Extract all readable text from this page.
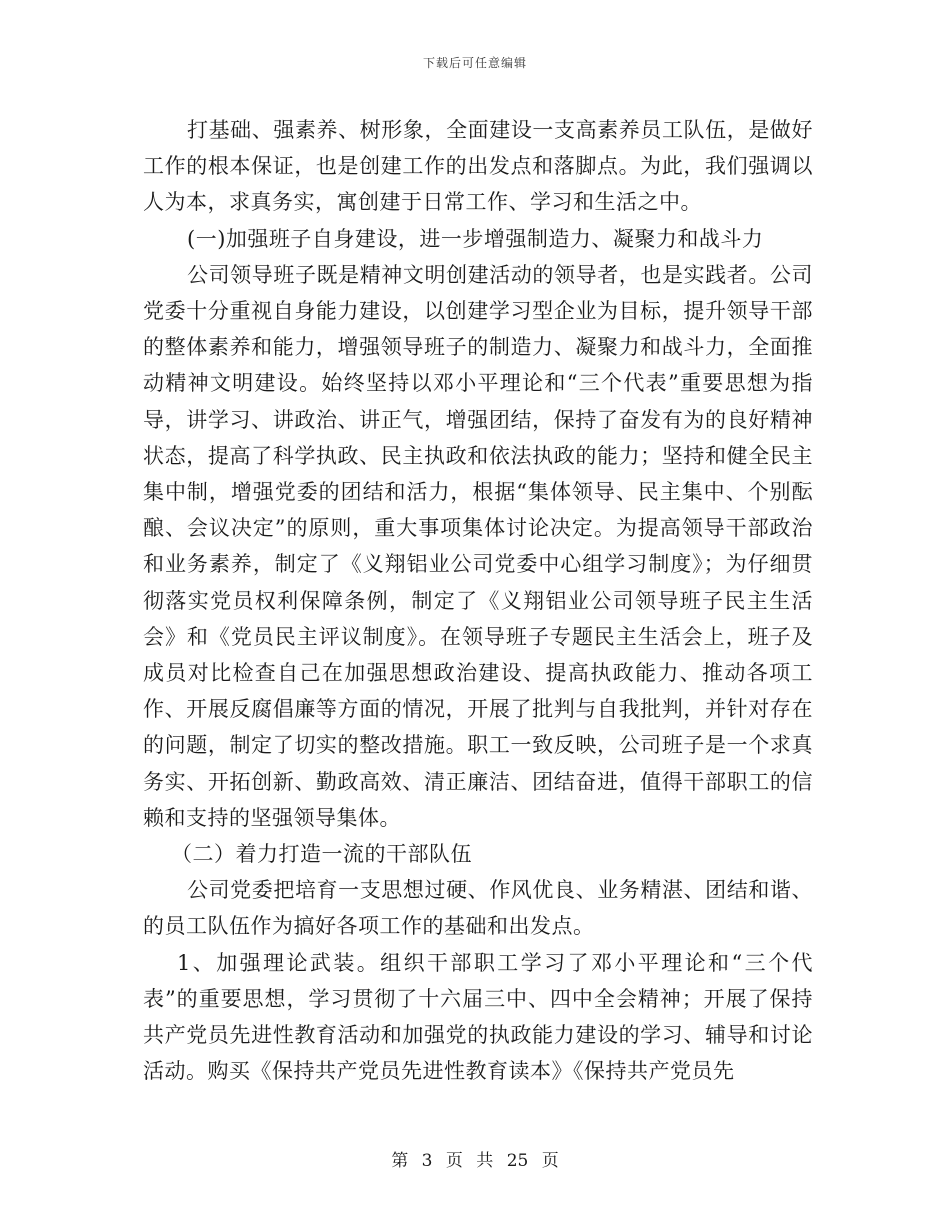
下载后可任意编辑

打基础、强素养、树形象，全面建设一支高素养员工队伍，是做好工作的根本保证，也是创建工作的出发点和落脚点。为此，我们强调以人为本，求真务实，寓创建于日常工作、学习和生活之中。

(一)加强班子自身建设，进一步增强制造力、凝聚力和战斗力

公司领导班子既是精神文明创建活动的领导者，也是实践者。公司党委十分重视自身能力建设，以创建学习型企业为目标，提升领导干部的整体素养和能力，增强领导班子的制造力、凝聚力和战斗力，全面推动精神文明建设。始终坚持以邓小平理论和“三个代表”重要思想为指导，讲学习、讲政治、讲正气，增强团结，保持了奋发有为的良好精神状态，提高了科学执政、民主执政和依法执政的能力；坚持和健全民主集中制，增强党委的团结和活力，根据“集体领导、民主集中、个别酝酿、会议决定”的原则，重大事项集体讨论决定。为提高领导干部政治和业务素养，制定了《义翔铝业公司党委中心组学习制度》；为仔细贯彻落实党员权利保障条例，制定了《义翔铝业公司领导班子民主生活会》和《党员民主评议制度》。在领导班子专题民主生活会上，班子及成员对比检查自己在加强思想政治建设、提高执政能力、推动各项工作、开展反腐倡廉等方面的情况，开展了批判与自我批判，并针对存在的问题，制定了切实的整改措施。职工一致反映，公司班子是一个求真务实、开拓创新、勤政高效、清正廉洁、团结奋进，值得干部职工的信赖和支持的坚强领导集体。

（二）着力打造一流的干部队伍

公司党委把培育一支思想过硬、作风优良、业务精湛、团结和谐、的员工队伍作为搞好各项工作的基础和出发点。

1、加强理论武装。组织干部职工学习了邓小平理论和“三个代表”的重要思想，学习贯彻了十六届三中、四中全会精神；开展了保持共产党员先进性教育活动和加强党的执政能力建设的学习、辅导和讨论活动。购买《保持共产党员先进性教育读本》《保持共产党员先

第 3 页 共 25 页
